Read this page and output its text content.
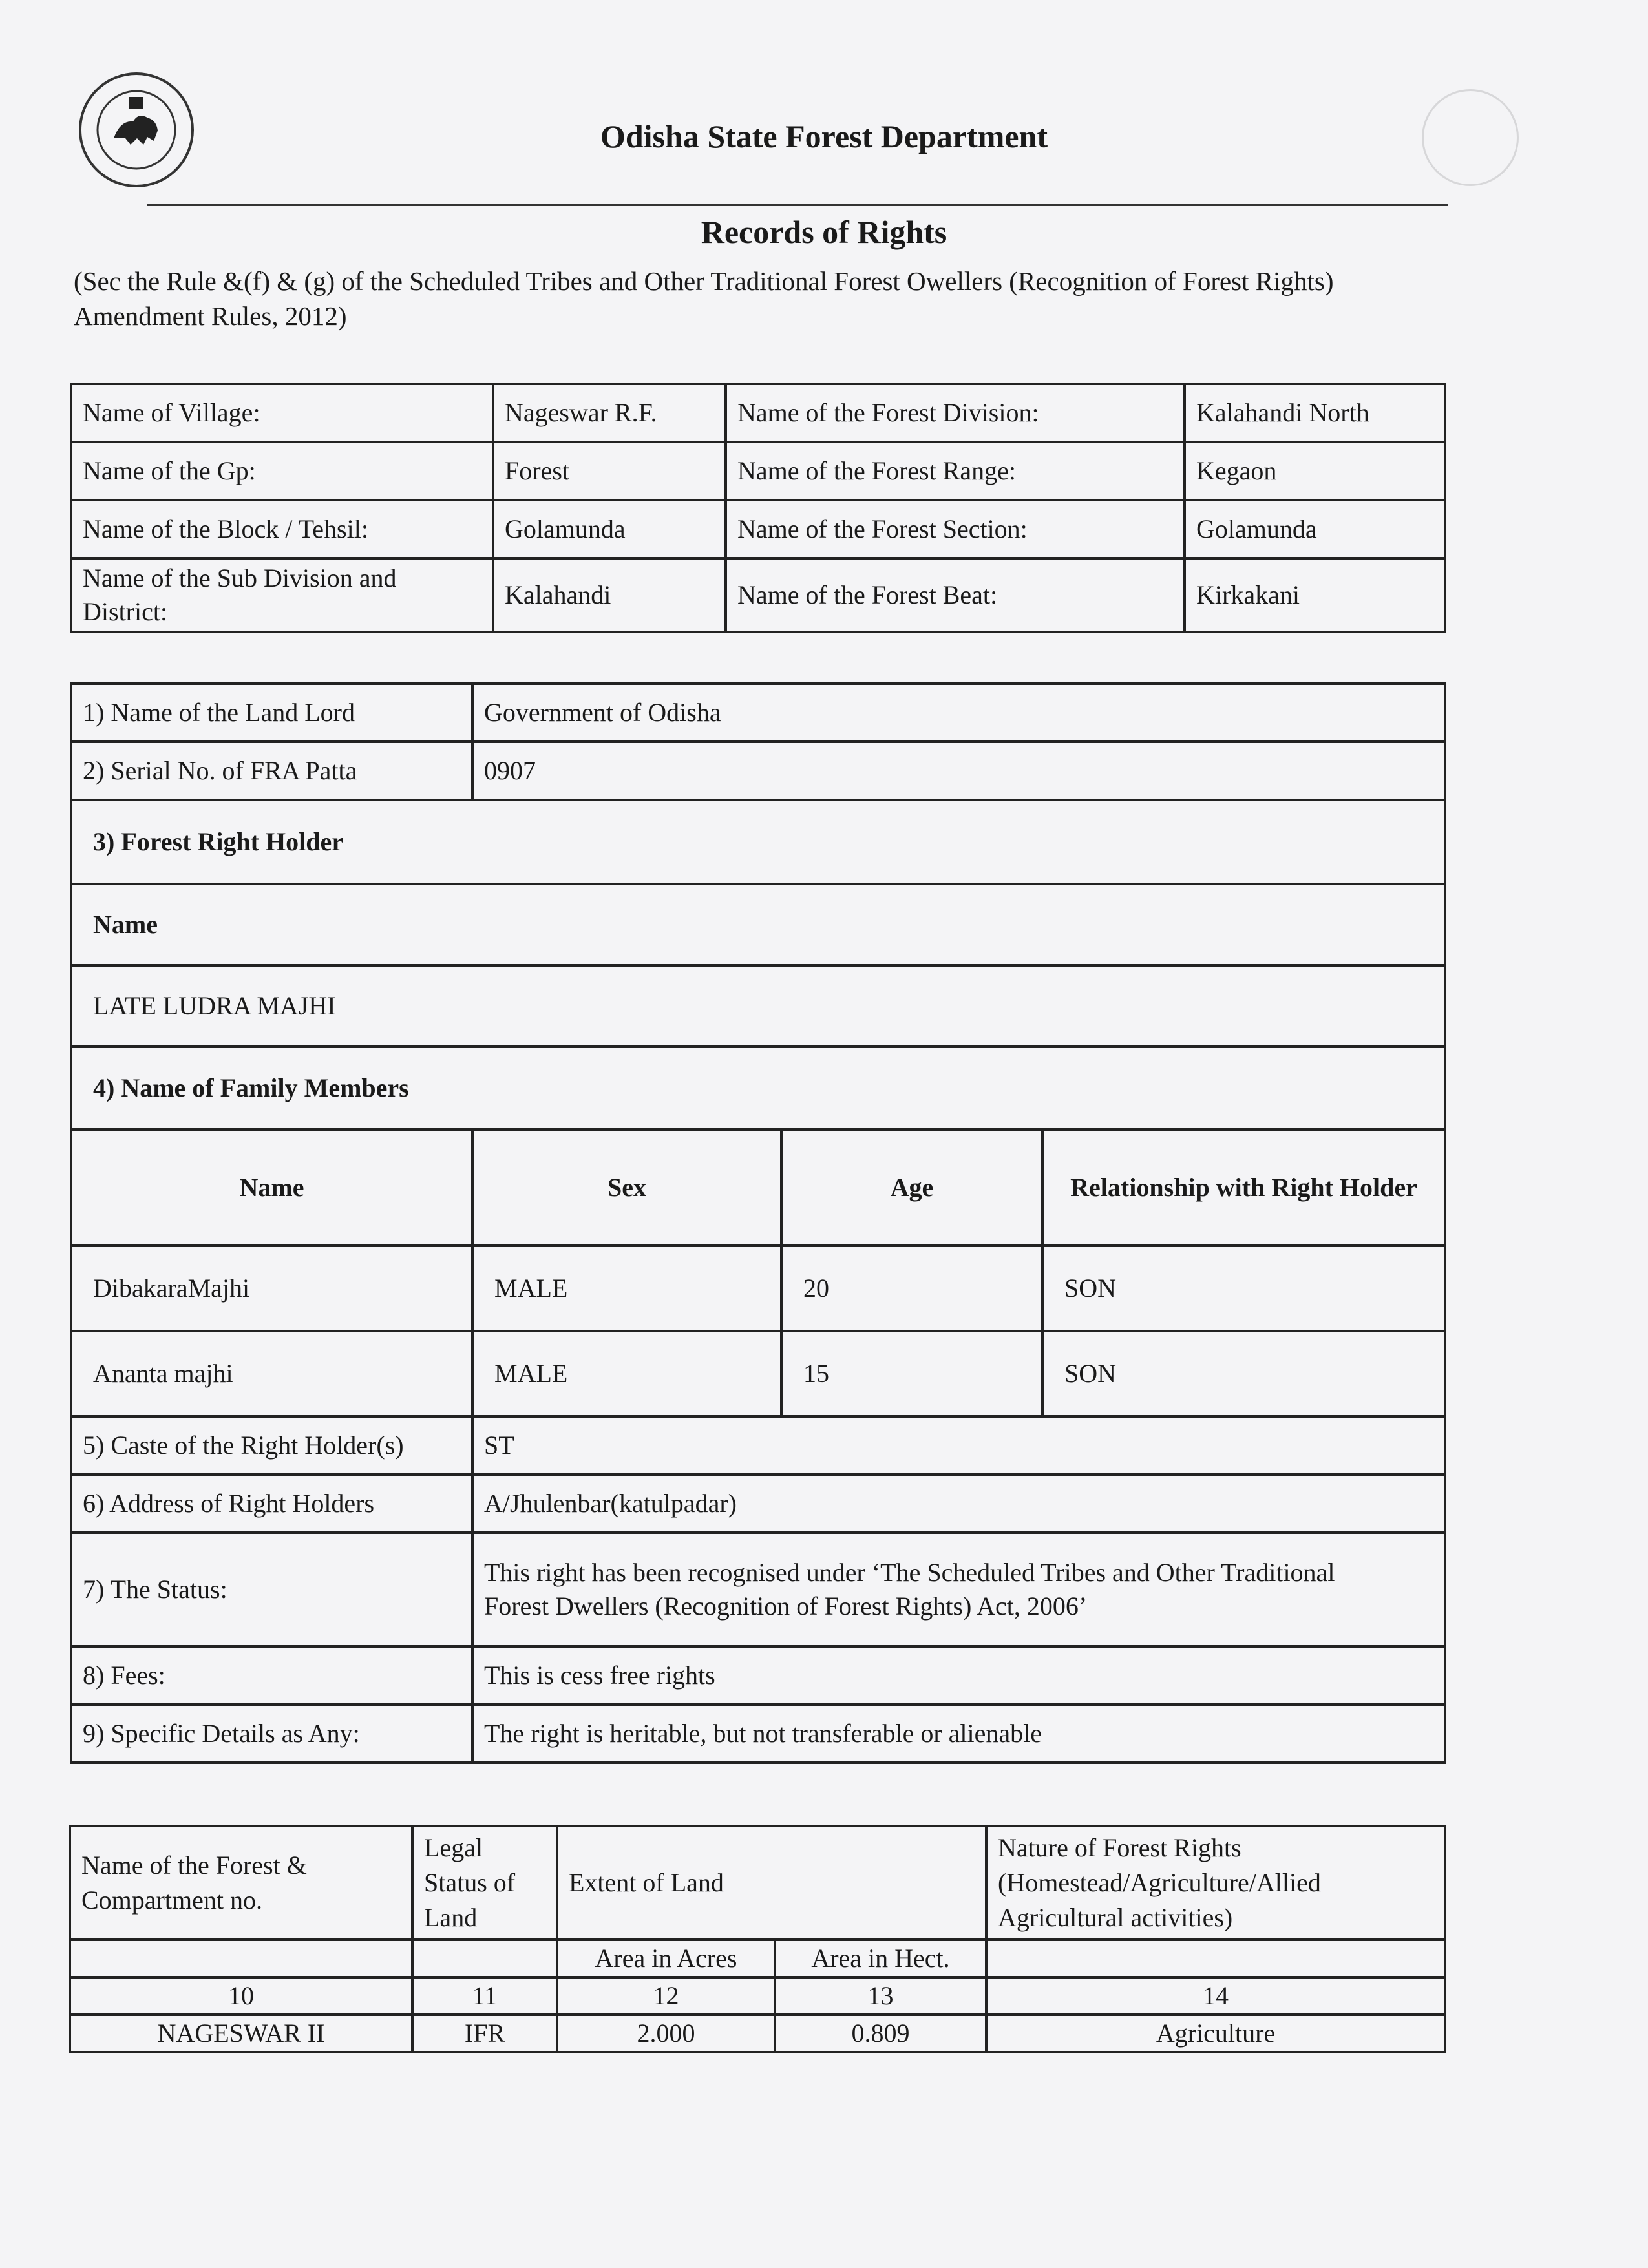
Odisha State Forest Department
Records of Rights
(Sec the Rule &(f) & (g) of the Scheduled Tribes and Other Traditional Forest Owellers (Recognition of Forest Rights) Amendment Rules, 2012)
Name of Village:	Nageswar R.F.	Name of the Forest Division:	Kalahandi North
Name of the Gp:	Forest	Name of the Forest Range:	Kegaon
Name of the Block / Tehsil:	Golamunda	Name of the Forest Section:	Golamunda
Name of the Sub Division and District:	Kalahandi	Name of the Forest Beat:	Kirkakani
1) Name of the Land Lord	Government of Odisha		
2) Serial No. of FRA Patta	0907		
3) Forest Right Holder			
Name			
LATE LUDRA MAJHI			
4) Name of Family Members			
Name	Sex	Age	Relationship with Right Holder
DibakaraMajhi	MALE	20	SON
Ananta majhi	MALE	15	SON
5) Caste of the Right Holder(s)	ST		
6) Address of Right Holders	A/Jhulenbar(katulpadar)		
7) The Status:	This right has been recognised under ‘The Scheduled Tribes and Other Traditional
Forest Dwellers (Recognition of Forest Rights) Act, 2006’		

8) Fees:	This is cess free rights		
9) Specific Details as Any:	The right is heritable, but not transferable or alienable		
Name of the Forest & Compartment no.	Legal Status of Land	Extent of Land		Nature of Forest Rights (Homestead/Agriculture/Allied Agricultural activities)
		Area in Acres	Area in Hect.	
10	11	12	13	14
NAGESWAR II	IFR	2.000	0.809	Agriculture
